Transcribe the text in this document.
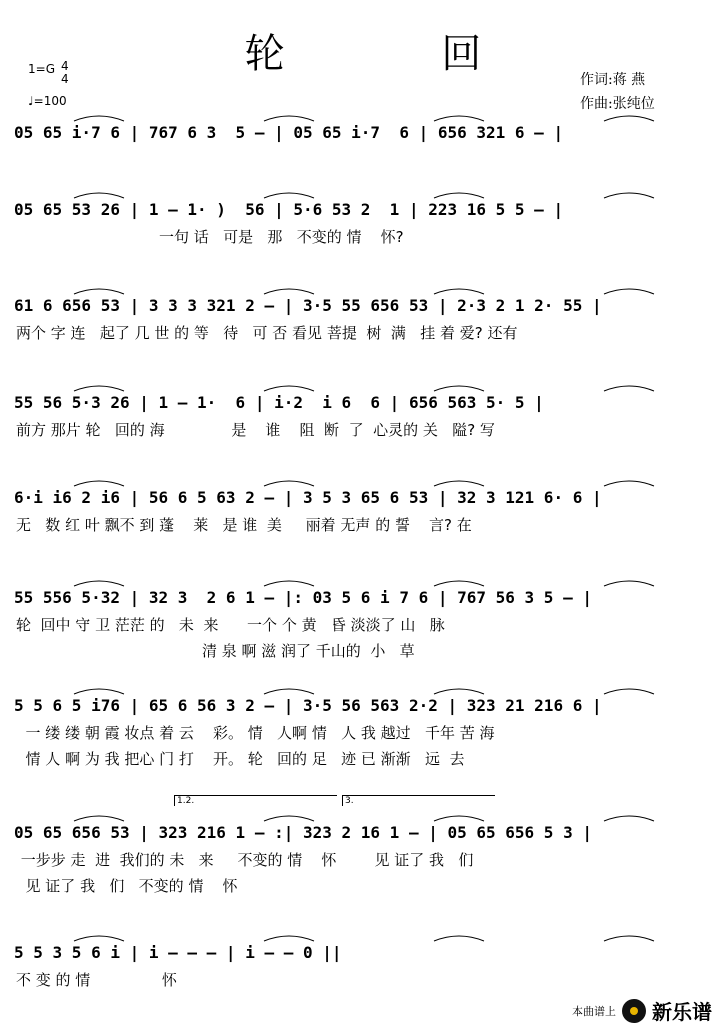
轮 回
1=G 4
4
♩=100
作词:蒋 燕
作曲:张纯位
05 65 i·7 6 | 767 6 3  5 – | 05 65 i·7  6 | 656 321 6 – |
05 65 53 26 | 1 – 1· )  56 | 5·6 53 2  1 | 223 16 5 5 – |
一句 话   可是   那   不变的 情    怀?
61 6 656 53 | 3 3 3 321 2 – | 3·5 55 656 53 | 2·3 2 1 2· 55 |
两个 字 连   起了 几 世 的 等   待   可 否 看见 菩提  树  满   挂 着 爱? 还有
55 56 5·3 26 | 1 – 1·  6 | i·2  i 6  6 | 656 563 5· 5 |
前方 那片 轮   回的 海              是    谁    阻  断  了  心灵的 关   隘? 写
6·i i6 2 i6 | 56 6 5 63 2 – | 3 5 3 65 6 53 | 32 3 121 6· 6 |
无   数 红 叶 飘不 到 蓬    莱   是 谁  美     丽着 无声 的 誓    言? 在
55 556 5·32 | 32 3  2 6 1 – |: 03 5 6 i 7 6 | 767 56 3 5 – |
轮  回中 守 卫 茫茫 的   未  来      一个 个 黄   昏 淡淡了 山   脉
清 泉 啊 滋 润了 千山的  小   草
5 5 6 5 i76 | 65 6 56 3 2 – | 3·5 56 563 2·2 | 323 21 216 6 |
一 缕 缕 朝 霞 妆点 着 云    彩。 情   人啊 情   人 我 越过   千年 苦 海
情 人 啊 为 我 把心 门 打    开。 轮   回的 足   迹 已 渐渐   远  去
05 65 656 53 | 323 216 1 – :| 323 2 16 1 – | 05 65 656 5 3 |
一步步 走  进  我们的 未   来     不变的 情    怀        见 证了 我   们
见 证了 我   们   不变的 情    怀
1.2.	3.
5 5 3 5 6 i | i – – – | i – – 0 ||
不 变 的 情               怀
本曲谱上 新乐谱
